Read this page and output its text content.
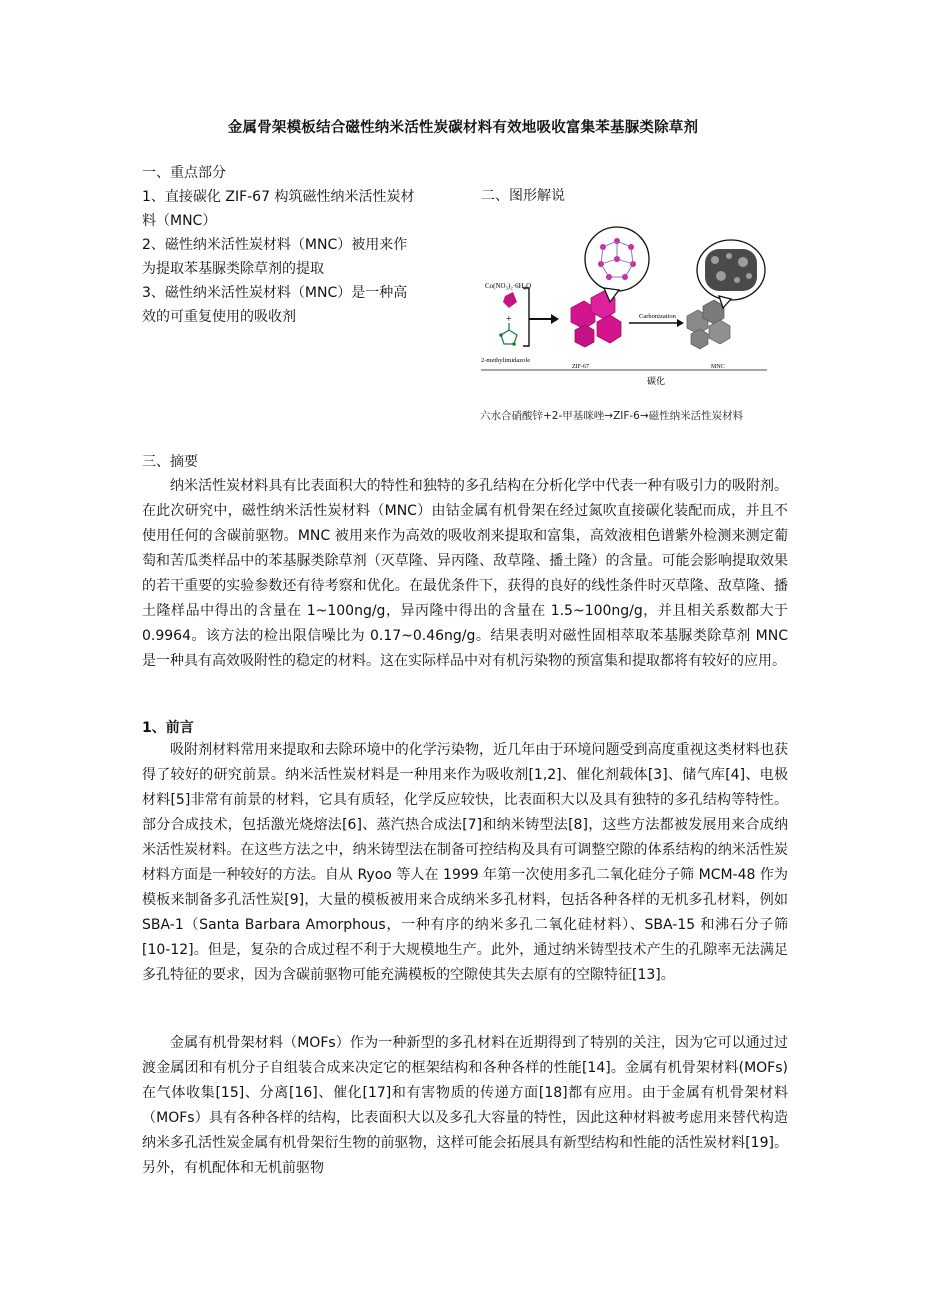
金属骨架模板结合磁性纳米活性炭碳材料有效地吸收富集苯基脲类除草剂
一、重点部分
1、直接碳化 ZIF-67 构筑磁性纳米活性炭材
料（MNC）
2、磁性纳米活性炭材料（MNC）被用来作
为提取苯基脲类除草剂的提取
3、磁性纳米活性炭材料（MNC）是一种高
效的可重复使用的吸收剂
二、图形解说
Co(NO₃)₂·6H₂O
+
2-methylimidazole
ZIF-67
Carbonization
MNC
碳化
六水合硝酸锌+2-甲基咪唑→ZIF-6→磁性纳米活性炭材料
三、摘要
纳米活性炭材料具有比表面积大的特性和独特的多孔结构在分析化学中代表一种有吸引力的吸附剂。在此次研究中，磁性纳米活性炭材料（MNC）由钴金属有机骨架在经过氮吹直接碳化装配而成，并且不使用任何的含碳前驱物。MNC 被用来作为高效的吸收剂来提取和富集，高效液相色谱紫外检测来测定葡萄和苦瓜类样品中的苯基脲类除草剂（灭草隆、异丙隆、敌草隆、播土隆）的含量。可能会影响提取效果的若干重要的实验参数还有待考察和优化。在最优条件下，获得的良好的线性条件时灭草隆、敌草隆、播土隆样品中得出的含量在 1~100ng/g，异丙隆中得出的含量在 1.5~100ng/g，并且相关系数都大于 0.9964。该方法的检出限信噪比为 0.17~0.46ng/g。结果表明对磁性固相萃取苯基脲类除草剂 MNC 是一种具有高效吸附性的稳定的材料。这在实际样品中对有机污染物的预富集和提取都将有较好的应用。
1、前言
吸附剂材料常用来提取和去除环境中的化学污染物，近几年由于环境问题受到高度重视这类材料也获得了较好的研究前景。纳米活性炭材料是一种用来作为吸收剂[1,2]、催化剂载体[3]、储气库[4]、电极材料[5]非常有前景的材料，它具有质轻，化学反应较快，比表面积大以及具有独特的多孔结构等特性。部分合成技术，包括激光烧熔法[6]、蒸汽热合成法[7]和纳米铸型法[8]，这些方法都被发展用来合成纳米活性炭材料。在这些方法之中，纳米铸型法在制备可控结构及具有可调整空隙的体系结构的纳米活性炭材料方面是一种较好的方法。自从 Ryoo 等人在 1999 年第一次使用多孔二氧化硅分子筛 MCM-48 作为模板来制备多孔活性炭[9]，大量的模板被用来合成纳米多孔材料，包括各种各样的无机多孔材料，例如 SBA-1（Santa Barbara Amorphous，一种有序的纳米多孔二氧化硅材料）、SBA-15 和沸石分子筛[10-12]。但是，复杂的合成过程不利于大规模地生产。此外，通过纳米铸型技术产生的孔隙率无法满足多孔特征的要求，因为含碳前驱物可能充满模板的空隙使其失去原有的空隙特征[13]。
金属有机骨架材料（MOFs）作为一种新型的多孔材料在近期得到了特别的关注，因为它可以通过过渡金属团和有机分子自组装合成来决定它的框架结构和各种各样的性能[14]。金属有机骨架材料(MOFs)在气体收集[15]、分离[16]、催化[17]和有害物质的传递方面[18]都有应用。由于金属有机骨架材料（MOFs）具有各种各样的结构，比表面积大以及多孔大容量的特性，因此这种材料被考虑用来替代构造纳米多孔活性炭金属有机骨架衍生物的前驱物，这样可能会拓展具有新型结构和性能的活性炭材料[19]。另外，有机配体和无机前驱物
